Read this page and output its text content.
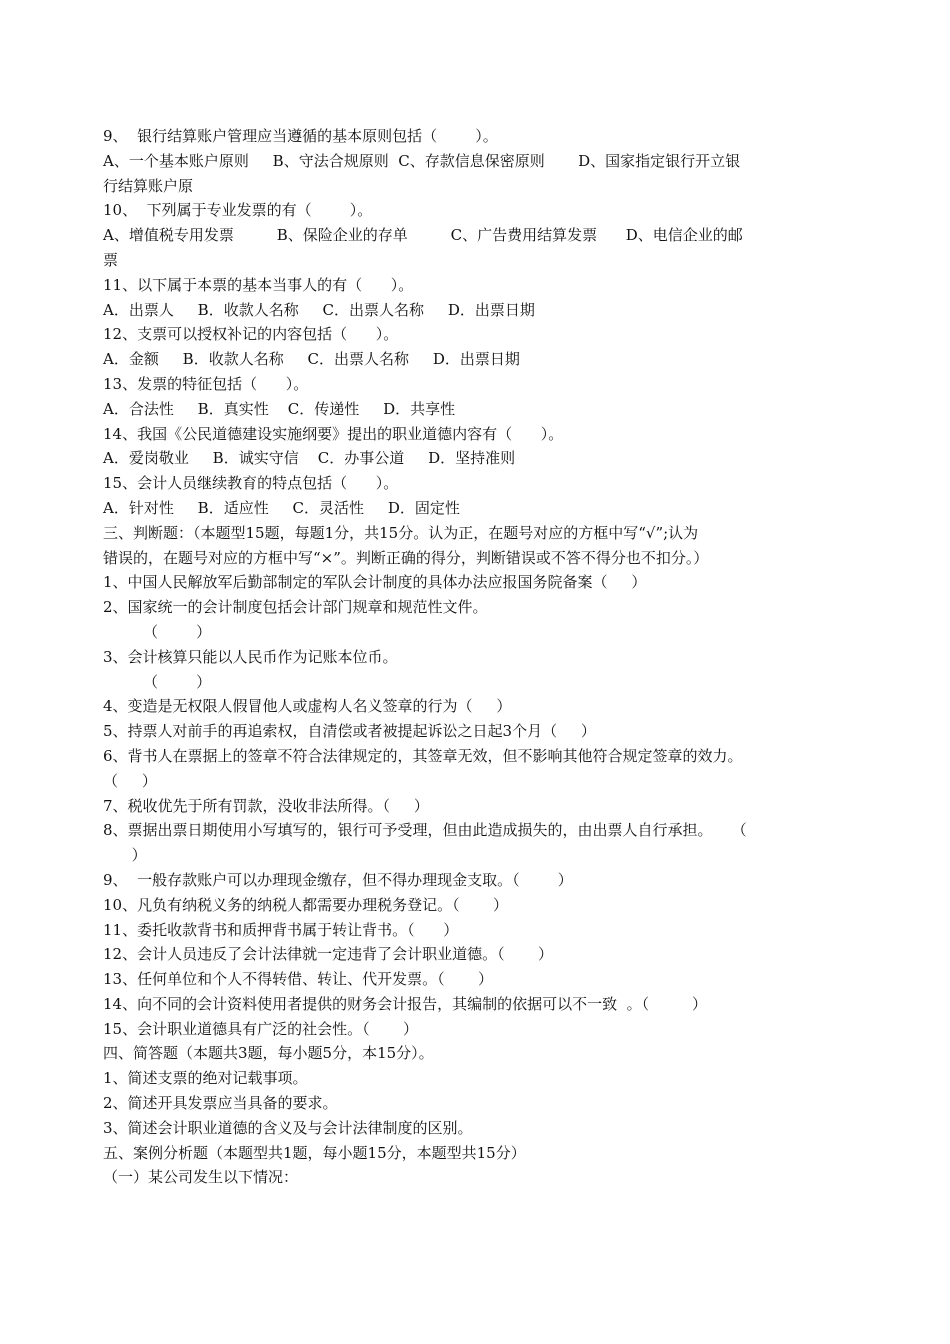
9、  银行结算账户管理应当遵循的基本原则包括（        ）。
A、一个基本账户原则     B、守法合规原则  C、存款信息保密原则       D、国家指定银行开立银
行结算账户原
10、  下列属于专业发票的有（        ）。
A、增值税专用发票         B、保险企业的存单         C、广告费用结算发票      D、电信企业的邮
票
11、以下属于本票的基本当事人的有（      ）。
A．出票人     B．收款人名称     C．出票人名称     D．出票日期
12、支票可以授权补记的内容包括（      ）。
A．金额     B．收款人名称     C．出票人名称     D．出票日期
13、发票的特征包括（      ）。
A．合法性     B．真实性    C．传递性     D．共享性
14、我国《公民道德建设实施纲要》提出的职业道德内容有（      ）。
A．爱岗敬业     B．诚实守信    C．办事公道     D．坚持准则
15、会计人员继续教育的特点包括（      ）。
A．针对性     B．适应性     C．灵活性     D．固定性
三、判断题：（本题型15题，每题1分，共15分。认为正，在题号对应的方框中写“√”;认为
错误的，在题号对应的方框中写“×”。判断正确的得分，判断错误或不答不得分也不扣分。）
1、中国人民解放军后勤部制定的军队会计制度的具体办法应报国务院备案（     ）
2、国家统一的会计制度包括会计部门规章和规范性文件。
（        ）
3、会计核算只能以人民币作为记账本位币。
（        ）
4、变造是无权限人假冒他人或虚构人名义签章的行为（     ）
5、持票人对前手的再追索权，自清偿或者被提起诉讼之日起3个月（     ）
6、背书人在票据上的签章不符合法律规定的，其签章无效，但不影响其他符合规定签章的效力。
（     ）
7、税收优先于所有罚款，没收非法所得。（     ）
8、票据出票日期使用小写填写的，银行可予受理，但由此造成损失的，由出票人自行承担。    （
）
9、  一般存款账户可以办理现金缴存，但不得办理现金支取。（        ）
10、凡负有纳税义务的纳税人都需要办理税务登记。（       ）
11、委托收款背书和质押背书属于转让背书。（      ）
12、会计人员违反了会计法律就一定违背了会计职业道德。（       ）
13、任何单位和个人不得转借、转让、代开发票。（       ）
14、向不同的会计资料使用者提供的财务会计报告，其编制的依据可以不一致  。（         ）
15、会计职业道德具有广泛的社会性。（       ）
四、简答题（本题共3题，每小题5分，本15分）。
1、简述支票的绝对记载事项。
2、简述开具发票应当具备的要求。
3、简述会计职业道德的含义及与会计法律制度的区别。
五、案例分析题（本题型共1题，每小题15分，本题型共15分）
（一）某公司发生以下情况：
